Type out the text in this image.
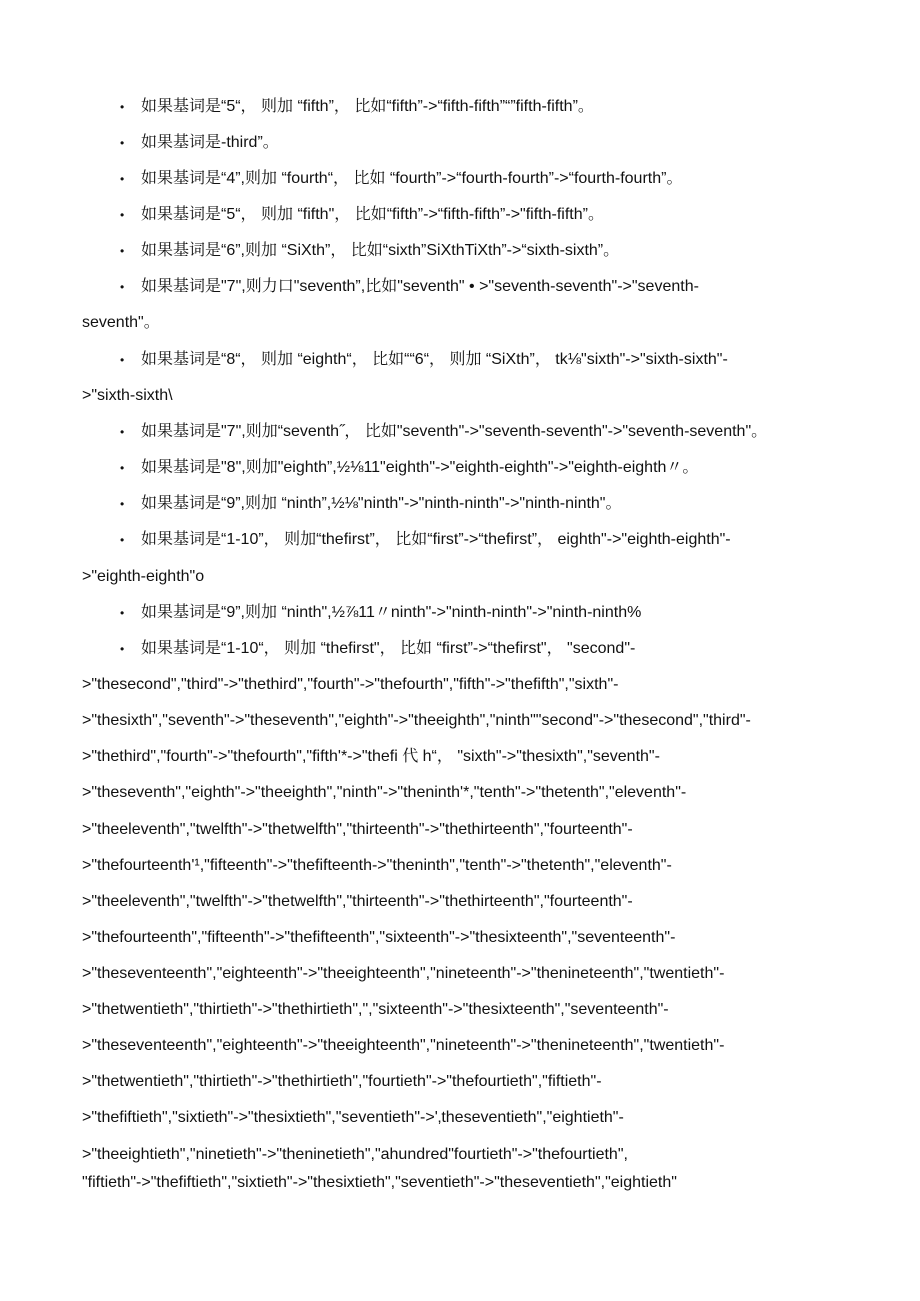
• 如果基词是“5“， 则加 “fifth”， 比如“fifth”->“fifth-fifth”“”fifth-fifth”。
• 如果基词是-third”。
• 如果基词是“4”,则加 “fourth“， 比如 “fourth”->“fourth-fourth”->“fourth-fourth”。
• 如果基词是“5“， 则加 “fifth"， 比如“fifth”->“fifth-fifth”->"fifth-fifth”。
• 如果基词是“6”,则加 “SiXth”， 比如“sixth”SiXthTiXth”->“sixth-sixth”。
• 如果基词是"7",则力口"seventh”,比如"seventh" • >"seventh-seventh"->"seventh-
seventh"。
• 如果基词是“8“， 则加 “eighth“， 比如““6“， 则加 “SiXth”， tk⅛"sixth"->"sixth-sixth"-
>"sixth-sixth\
• 如果基词是"7",则加“seventh˝， 比如"seventh"->"seventh-seventh"->"seventh-seventh"。
• 如果基词是"8",则加"eighth”,½⅛11"eighth"->"eighth-eighth"->"eighth-eighth〃。
• 如果基词是“9”,则加 “ninth”,½⅛"ninth"->"ninth-ninth"->"ninth-ninth"。
• 如果基词是“1-10”， 则加“thefirst”， 比如“first”->“thefirst”， eighth"->"eighth-eighth"-
>"eighth-eighth"o
• 如果基词是“9”,则加 “ninth",½⅞11〃ninth"->"ninth-ninth"->"ninth-ninth%
• 如果基词是“1-10“， 则加 “thefirst"， 比如 “first”->“thefirst"， "second"-
>"thesecond","third"->"thethird","fourth"->"thefourth","fifth"->"thefifth","sixth"-
>"thesixth","seventh"->"theseventh","eighth"->"theeighth","ninth""second"->"thesecond","third"-
>"thethird","fourth"->"thefourth","fifth'*->"thefi 代 h“， "sixth"->"thesixth","seventh"-
>"theseventh","eighth"->"theeighth","ninth"->"theninth'*,"tenth"->"thetenth","eleventh"-
>"theeleventh","twelfth"->"thetwelfth","thirteenth"->"thethirteenth","fourteenth"-
>"thefourteenth'¹,"fifteenth"->"thefifteenth->"theninth","tenth"->"thetenth","eleventh"-
>"theeleventh","twelfth"->"thetwelfth","thirteenth"->"thethirteenth","fourteenth"-
>"thefourteenth","fifteenth"->"thefifteenth","sixteenth"->"thesixteenth","seventeenth"-
>"theseventeenth","eighteenth"->"theeighteenth","nineteenth"->"thenineteenth","twentieth"-
>"thetwentieth","thirtieth"->"thethirtieth",","sixteenth"->"thesixteenth","seventeenth"-
>"theseventeenth","eighteenth"->"theeighteenth","nineteenth"->"thenineteenth","twentieth"-
>"thetwentieth","thirtieth"->"thethirtieth","fourtieth"->"thefourtieth","fiftieth"-
>"thefiftieth","sixtieth"->"thesixtieth","seventieth"->'‚theseventieth","eightieth"-
>"theeightieth","ninetieth"->"theninetieth","ahundred"fourtieth"->"thefourtieth",
"fiftieth"->"thefiftieth","sixtieth"->"thesixtieth","seventieth"->"theseventieth","eightieth"
